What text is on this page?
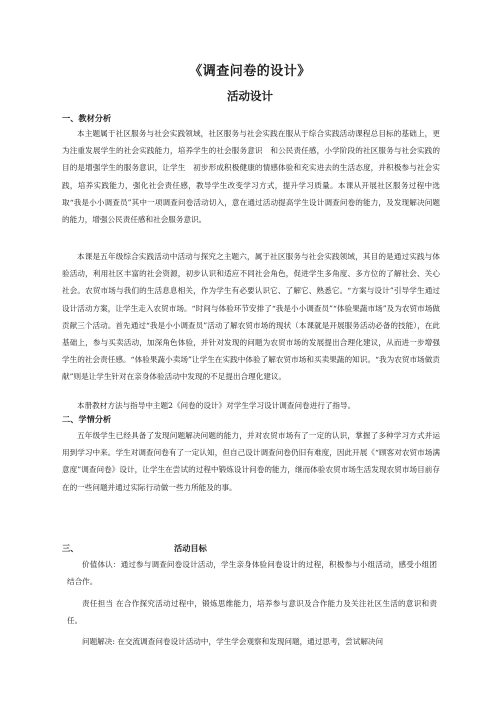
《调查问卷的设计》
活动设计
一、教材分析

本主题属于社区服务与社会实践领域，社区服务与社会实践在服从于综合实践活动课程总目标的基础上，更为注重发展学生的社会实践能力，培养学生的社会服务意识　和公民责任感，小学阶段的社区服务与社会实践的目的是增强学生的服务意识，让学生　初步形成积极健康的情感体验和充实进去的生活态度，并积极参与社会实践，培养实践能力，强化社会责任感，教导学生改变学习方式，提升学习质量。本课从开展社区服务过程中选取“我是小小调查员”其中一项调查问卷活动切入，意在通过活动提高学生设计调查问卷的能力，及发现解决问题的能力，增强公民责任感和社会服务意识。

本课是五年级综合实践活动中活动与探究之主题六，属于社区服务与社会实践领域，其目的是通过实践与体验活动，利用社区丰富的社会资源，初步认识和适应不同社会角色，促进学生多角度、多方位的了解社会、关心社会。农贸市场与我们的生活息息相关，作为学生有必要认识它、了解它、熟悉它。“方案与设计”引导学生通过设计活动方案，让学生走入农贸市场。“时间与体验环节安排了“我是小小调查员”“体验果蔬市场”及为农贸市场做贡献三个活动。首先通过“我是小小调查员”活动了解农贸市场的现状（本课就是开展服务活动必备的技能），在此基础上，参与买卖活动，加深角色体验，并针对发现的问题为农贸市场的发展提出合理化建议，从而进一步增强学生的社会责任感。“体验果蔬小卖场”让学生在实践中体验了解农贸市场和买卖果蔬的知识。“我为农贸市场做贡献”则是让学生针对在亲身体验活动中发现的不足提出合理化建议。

本册教材方法与指导中主题2《问卷的设计》对学生学习设计调查问卷进行了指导。

二、学情分析

五年级学生已经具备了发现问题解决问题的能力，并对农贸市场有了一定的认识，掌握了多种学习方式并运用到学习中来。学生对调查问卷有了一定认知，但自己设计调查问卷仍旧有难度，因此开展《“顾客对农贸市场满意度”调查问卷》设计，让学生在尝试的过程中锻炼设计问卷的能力，继而体验农贸市场生活发现农贸市场目前存在的一些问题并通过实际行动做一些力所能及的事。

三、	活动目标

价值体认：通过参与调查问卷设计活动，学生亲身体验问卷设计的过程，积极参与小组活动，感受小组团结合作。

责任担当 在合作探究活动过程中，锻炼思维能力，培养参与意识及合作能力及关注社区生活的意识和责任。

问题解决: 在交流调查问卷设计活动中，学生学会观察和发现问题，通过思考，尝试解决问
